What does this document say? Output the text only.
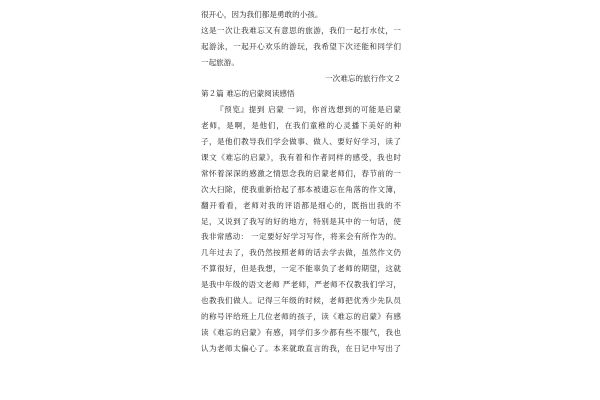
很开心，因为我们都是勇敢的小孩。
这是一次让我难忘又有意思的旅游，我们一起打水仗，一
起游泳，一起开心欢乐的游玩，我希望下次还能和同学们
一起旅游。
一次难忘的旅行作文２
第２篇 难忘的启蒙阅读感悟
『预览』提到 启蒙 一词，你首选想到的可能是启蒙
老师，是啊，是他们，在我们童稚的心灵播下美好的种
子，是他们教导我们学会做事、做人、要好好学习，读了
课文《难忘的启蒙》，我有着和作者同样的感受，我也时
常怀着深深的感激之情思念我的启蒙老师们，春节前的一
次大扫除，使我重新拾起了那本被遗忘在角落的作文簿，
翻开看看，老师对我的评语都是细心的，既指出我的不
足，又说到了我写的好的地方，特别是其中的一句话，使
我非常感动： 一定要好好学习写作，将来会有所作为的。
几年过去了，我仍然按照老师的话去学去做，虽然作文仍
不算很好，但是我想，一定不能辜负了老师的期望，这就
是我中年级的语文老师 严老师，严老师不仅教我们学习，
也教我们做人。记得三年级的时候，老师把优秀少先队员
的称号评给班上几位老师的孩子，读《难忘的启蒙》有感
读《难忘的启蒙》有感，同学们多少都有些不服气，我也
认为老师太偏心了。本来就敢直言的我，在日记中写出了
